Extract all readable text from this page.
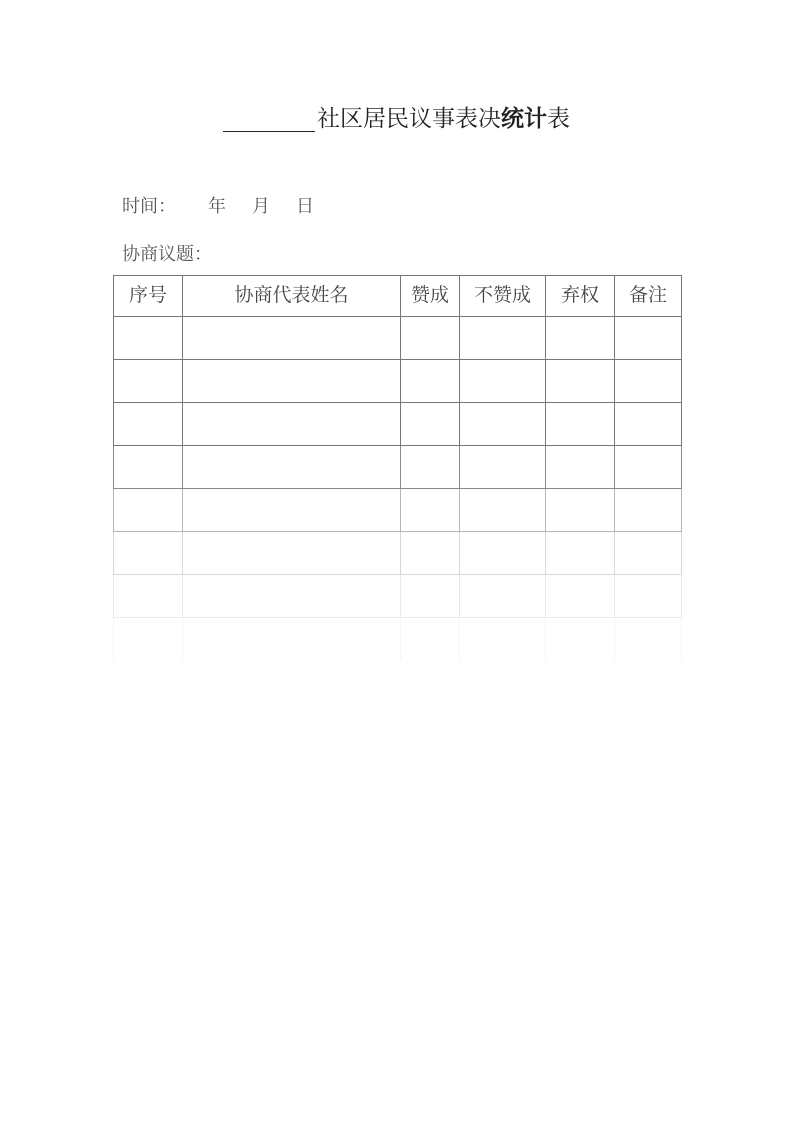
社区居民议事表决统计表
时间： 年 月 日
协商议题：
序号	协商代表姓名	赞成	不赞成	弃权	备注
